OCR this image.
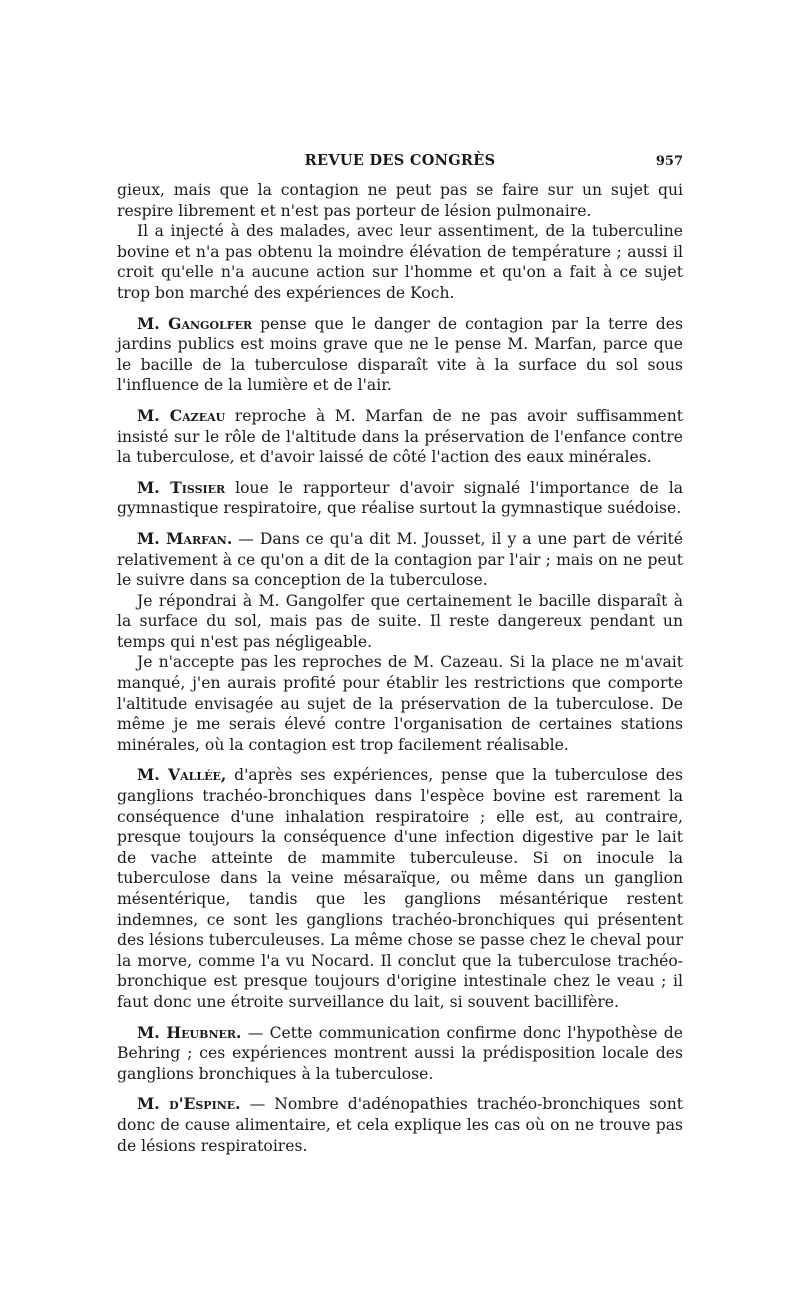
REVUE DES CONGRÈS	957

gieux, mais que la contagion ne peut pas se faire sur un sujet qui respire librement et n'est pas porteur de lésion pulmonaire.

Il a injecté à des malades, avec leur assentiment, de la tuberculine bovine et n'a pas obtenu la moindre élévation de température ; aussi il croit qu'elle n'a aucune action sur l'homme et qu'on a fait à ce sujet trop bon marché des expériences de Koch.

M. Gangolfer pense que le danger de contagion par la terre des jardins publics est moins grave que ne le pense M. Marfan, parce que le bacille de la tuberculose disparaît vite à la surface du sol sous l'influence de la lumière et de l'air.

M. Cazeau reproche à M. Marfan de ne pas avoir suffisamment insisté sur le rôle de l'altitude dans la préservation de l'enfance contre la tuberculose, et d'avoir laissé de côté l'action des eaux minérales.

M. Tissier loue le rapporteur d'avoir signalé l'importance de la gymnastique respiratoire, que réalise surtout la gymnastique suédoise.

M. Marfan. — Dans ce qu'a dit M. Jousset, il y a une part de vérité relativement à ce qu'on a dit de la contagion par l'air ; mais on ne peut le suivre dans sa conception de la tuberculose.

Je répondrai à M. Gangolfer que certainement le bacille disparaît à la surface du sol, mais pas de suite. Il reste dangereux pendant un temps qui n'est pas négligeable.

Je n'accepte pas les reproches de M. Cazeau. Si la place ne m'avait manqué, j'en aurais profité pour établir les restrictions que comporte l'altitude envisagée au sujet de la préservation de la tuberculose. De même je me serais élevé contre l'organisation de certaines stations minérales, où la contagion est trop facilement réalisable.

M. Vallée, d'après ses expériences, pense que la tuberculose des ganglions trachéo-bronchiques dans l'espèce bovine est rarement la conséquence d'une inhalation respiratoire ; elle est, au contraire, presque toujours la conséquence d'une infection digestive par le lait de vache atteinte de mammite tuberculeuse. Si on inocule la tuberculose dans la veine mésaraïque, ou même dans un ganglion mésentérique, tandis que les ganglions mésantérique restent indemnes, ce sont les ganglions trachéo-bronchiques qui présentent des lésions tuberculeuses. La même chose se passe chez le cheval pour la morve, comme l'a vu Nocard. Il conclut que la tuberculose trachéo-bronchique est presque toujours d'origine intestinale chez le veau ; il faut donc une étroite surveillance du lait, si souvent bacillifère.

M. Heubner. — Cette communication confirme donc l'hypothèse de Behring ; ces expériences montrent aussi la prédisposition locale des ganglions bronchiques à la tuberculose.

M. d'Espine. — Nombre d'adénopathies trachéo-bronchiques sont donc de cause alimentaire, et cela explique les cas où on ne trouve pas de lésions respiratoires.
